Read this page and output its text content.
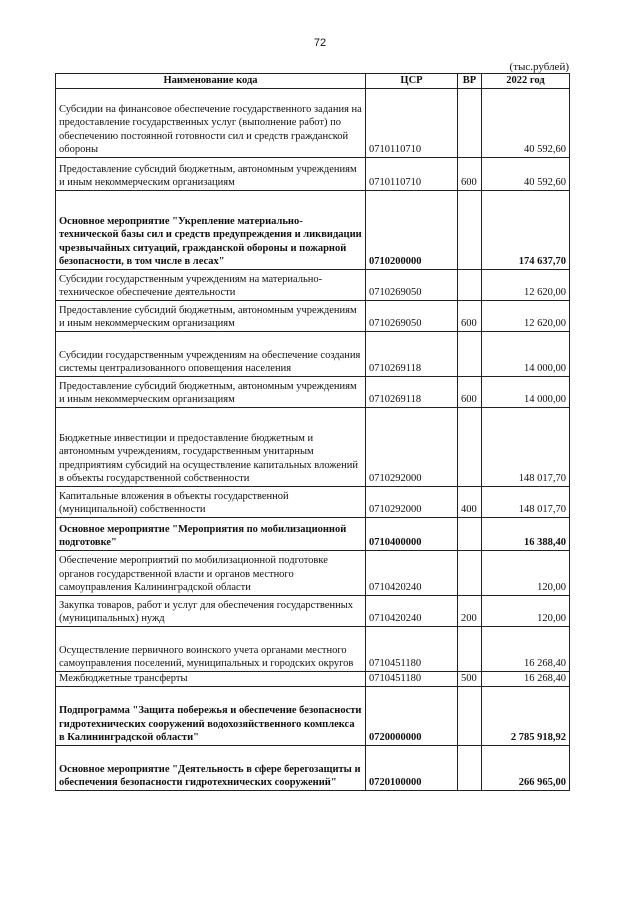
72
(тыс.рублей)
Наименование кода	ЦСР	ВР	2022 год
Субсидии на финансовое обеспечение государственного задания на предоставление государственных услуг (выполнение работ) по обеспечению постоянной готовности сил и средств гражданской обороны	0710110710		40 592,60
Предоставление субсидий бюджетным, автономным учреждениям и иным некоммерческим организациям	0710110710	600	40 592,60
Основное мероприятие "Укрепление материально-технической базы сил и средств предупреждения и ликвидации чрезвычайных ситуаций, гражданской обороны и пожарной безопасности, в том числе в лесах"	0710200000		174 637,70
Субсидии государственным учреждениям на материально-техническое обеспечение деятельности	0710269050		12 620,00
Предоставление субсидий бюджетным, автономным учреждениям и иным некоммерческим организациям	0710269050	600	12 620,00
Субсидии государственным учреждениям на обеспечение создания системы централизованного оповещения населения	0710269118		14 000,00
Предоставление субсидий бюджетным, автономным учреждениям и иным некоммерческим организациям	0710269118	600	14 000,00
Бюджетные инвестиции и предоставление бюджетным и автономным учреждениям, государственным унитарным предприятиям субсидий на осуществление капитальных вложений в объекты государственной собственности	0710292000		148 017,70
Капитальные вложения в объекты государственной (муниципальной) собственности	0710292000	400	148 017,70
Основное мероприятие "Мероприятия по мобилизационной подготовке"	0710400000		16 388,40
Обеспечение мероприятий по мобилизационной подготовке органов государственной власти и органов местного самоуправления Калининградской области	0710420240		120,00
Закупка товаров, работ и услуг для обеспечения государственных (муниципальных) нужд	0710420240	200	120,00
Осуществление первичного воинского учета органами местного самоуправления поселений, муниципальных и городских округов	0710451180		16 268,40
Межбюджетные трансферты	0710451180	500	16 268,40
Подпрограмма "Защита побережья и обеспечение безопасности гидротехнических сооружений водохозяйственного комплекса в Калининградской области"	0720000000		2 785 918,92
Основное мероприятие "Деятельность в сфере берегозащиты и обеспечения безопасности гидротехнических сооружений"	0720100000		266 965,00
